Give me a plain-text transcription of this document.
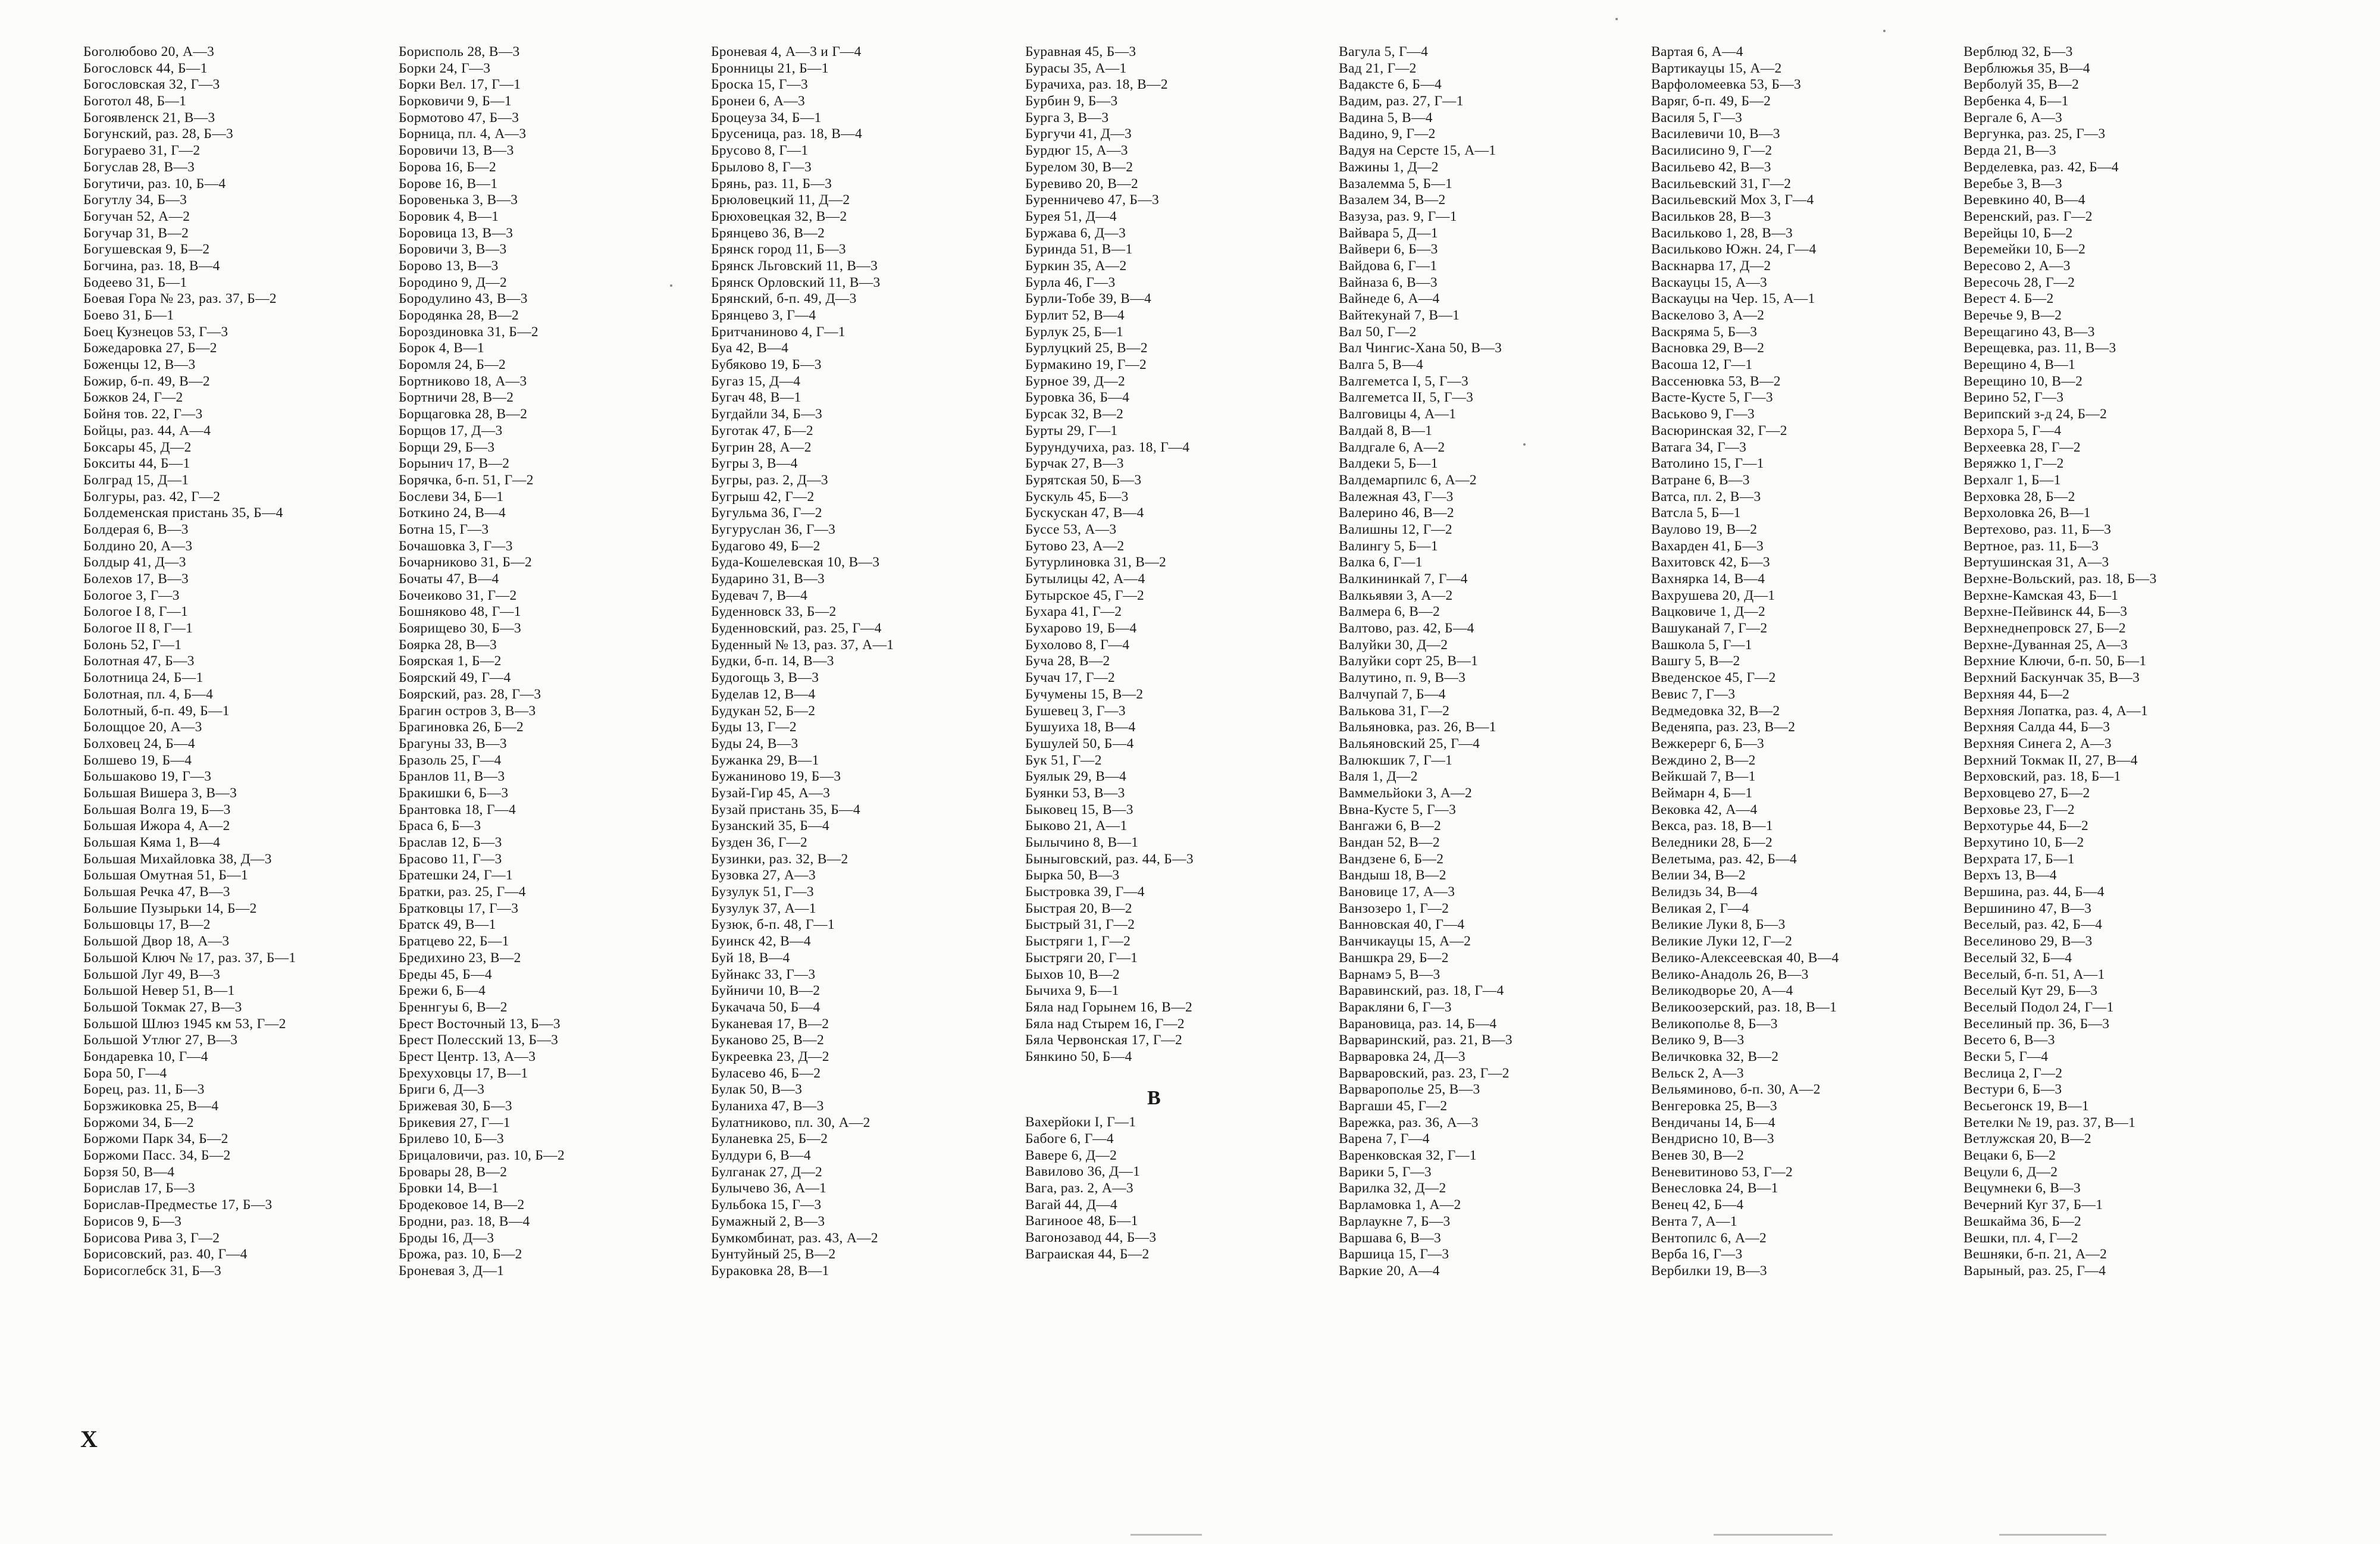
Боголюбово 20, А—3
Богословск 44, Б—1
Богословская 32, Г—3
Боготол 48, Б—1
Богоявленск 21, В—3
Богунский, раз. 28, Б—3
Богураево 31, Г—2
Богуслав 28, В—3
Богутичи, раз. 10, Б—4
Богутлу 34, Б—3
Богучан 52, А—2
Богучар 31, В—2
Богушевская 9, Б—2
Богчина, раз. 18, В—4
Бодеево 31, Б—1
Боевая Гора № 23, раз. 37, Б—2
Боево 31, Б—1
Боец Кузнецов 53, Г—3
Божедаровка 27, Б—2
Боженцы 12, В—3
Божир, б-п. 49, В—2
Божков 24, Г—2
Бойня тов. 22, Г—3
Бойцы, раз. 44, А—4
Боксары 45, Д—2
Бокситы 44, Б—1
Болград 15, Д—1
Болгуры, раз. 42, Г—2
Болдеменская пристань 35, Б—4
Болдерая 6, В—3
Болдино 20, А—3
Болдыр 41, Д—3
Болехов 17, В—3
Бологое 3, Г—3
Бологое I 8, Г—1
Бологое II 8, Г—1
Болонь 52, Г—1
Болотная 47, Б—3
Болотница 24, Б—1
Болотная, пл. 4, Б—4
Болотный, б-п. 49, Б—1
Болощцое 20, А—3
Болховец 24, Б—4
Болшево 19, Б—4
Большаково 19, Г—3
Большая Вишера 3, В—3
Большая Волга 19, Б—3
Большая Ижора 4, А—2
Большая Кяма 1, В—4
Большая Михайловка 38, Д—3
Большая Омутная 51, Б—1
Большая Речка 47, В—3
Большие Пузырьки 14, Б—2
Большовцы 17, В—2
Большой Двор 18, А—3
Большой Ключ № 17, раз. 37, Б—1
Большой Луг 49, В—3
Большой Невер 51, В—1
Большой Токмак 27, В—3
Большой Шлюз 1945 км 53, Г—2
Большой Утлюг 27, В—3
Бондаревка 10, Г—4
Бора 50, Г—4
Борец, раз. 11, Б—3
Борзжиковка 25, В—4
Боржоми 34, Б—2
Боржоми Парк 34, Б—2
Боржоми Пасс. 34, Б—2
Борзя 50, В—4
Борислав 17, Б—3
Борислав-Предместье 17, Б—3
Борисов 9, Б—3
Борисова Рива 3, Г—2
Борисовский, раз. 40, Г—4
Борисоглебск 31, Б—3
Борисполь 28, В—3
Борки 24, Г—3
Борки Вел. 17, Г—1
Борковичи 9, Б—1
Бормотово 47, Б—3
Борница, пл. 4, А—3
Боровичи 13, В—3
Борова 16, Б—2
Борове 16, В—1
Боровенька 3, В—3
Боровик 4, В—1
Боровица 13, В—3
Боровичи 3, В—3
Борово 13, В—3
Бородино 9, Д—2
Бородулино 43, В—3
Бородянка 28, В—2
Бороздиновка 31, Б—2
Борок 4, В—1
Боромля 24, Б—2
Бортниково 18, А—3
Бортничи 28, В—2
Борщаговка 28, В—2
Борщов 17, Д—3
Борщи 29, Б—3
Борынич 17, В—2
Борячка, б-п. 51, Г—2
Бослеви 34, Б—1
Боткино 24, В—4
Ботна 15, Г—3
Бочашовка 3, Г—3
Бочарниково 31, Б—2
Бочаты 47, В—4
Бочеиково 31, Г—2
Бошняково 48, Г—1
Боярищево 30, Б—3
Боярка 28, В—3
Боярская 1, Б—2
Боярский 49, Г—4
Боярский, раз. 28, Г—3
Брагин остров 3, В—3
Брагиновка 26, Б—2
Брагуны 33, В—3
Бразоль 25, Г—4
Бранлов 11, В—3
Бракишки 6, Б—3
Брантовка 18, Г—4
Браса 6, Б—3
Браслав 12, Б—3
Брасово 11, Г—3
Братешки 24, Г—1
Братки, раз. 25, Г—4
Братковцы 17, Г—3
Братск 49, В—1
Братцево 22, Б—1
Бредихино 23, В—2
Бреды 45, Б—4
Брежи 6, Б—4
Бреннгуы 6, В—2
Брест Восточный 13, Б—3
Брест Полесский 13, Б—3
Брест Центр. 13, А—3
Брехуховцы 17, В—1
Бриги 6, Д—3
Брижевая 30, Б—3
Брикевия 27, Г—1
Брилево 10, Б—3
Брицаловичи, раз. 10, Б—2
Бровары 28, В—2
Бровки 14, В—1
Бродековое 14, В—2
Бродни, раз. 18, В—4
Броды 16, Д—3
Брожа, раз. 10, Б—2
Броневая 3, Д—1
Броневая 4, А—3 и Г—4
Бронницы 21, Б—1
Броска 15, Г—3
Бронеи 6, А—3
Броцеуза 34, Б—1
Брусеница, раз. 18, В—4
Брусово 8, Г—1
Брылово 8, Г—3
Брянь, раз. 11, Б—3
Брюловецкий 11, Д—2
Брюховецкая 32, В—2
Брянцево 36, В—2
Брянск город 11, Б—3
Брянск Льговский 11, В—3
Брянск Орловский 11, В—3
Брянский, б-п. 49, Д—3
Брянцево 3, Г—4
Бритчаниново 4, Г—1
Буа 42, В—4
Бубяково 19, Б—3
Бугаз 15, Д—4
Бугач 48, В—1
Бугдайли 34, Б—3
Буготак 47, Б—2
Бугрин 28, А—2
Бугры 3, В—4
Бугры, раз. 2, Д—3
Бугрыш 42, Г—2
Бугульма 36, Г—2
Бугуруслан 36, Г—3
Будагово 49, Б—2
Буда-Кошелевская 10, В—3
Бударино 31, В—3
Будевач 7, В—4
Буденновск 33, Б—2
Буденновский, раз. 25, Г—4
Буденный № 13, раз. 37, А—1
Будки, б-п. 14, В—3
Будогощь 3, В—3
Буделав 12, В—4
Будукан 52, Б—2
Буды 13, Г—2
Буды 24, В—3
Бужанка 29, В—1
Бужаниново 19, Б—3
Бузай-Гир 45, А—3
Бузай пристань 35, Б—4
Бузанский 35, Б—4
Бузден 36, Г—2
Бузинки, раз. 32, В—2
Бузовка 27, А—3
Бузулук 51, Г—3
Бузулук 37, А—1
Бузюк, б-п. 48, Г—1
Буинск 42, В—4
Буй 18, В—4
Буйнакс 33, Г—3
Буйничи 10, В—2
Букачача 50, Б—4
Буканевая 17, В—2
Буканово 25, В—2
Букреевка 23, Д—2
Буласево 46, Б—2
Булак 50, В—3
Буланиха 47, В—3
Булатниково, пл. 30, А—2
Буланевка 25, Б—2
Булдури 6, В—4
Булганак 27, Д—2
Булычево 36, А—1
Бульбока 15, Г—3
Бумажный 2, В—3
Бумкомбинат, раз. 43, А—2
Бунтуйный 25, В—2
Бураковка 28, В—1
Буравная 45, Б—3
Бурасы 35, А—1
Бурачиха, раз. 18, В—2
Бурбин 9, Б—3
Бурга 3, В—3
Бургучи 41, Д—3
Бурдюг 15, А—3
Бурелом 30, В—2
Буревиво 20, В—2
Буренничево 47, Б—3
Бурея 51, Д—4
Буржава 6, Д—3
Буринда 51, В—1
Буркин 35, А—2
Бурла 46, Г—3
Бурли-Тобе 39, В—4
Бурлит 52, В—4
Бурлук 25, Б—1
Бурлуцкий 25, В—2
Бурмакино 19, Г—2
Бурное 39, Д—2
Буровка 36, Б—4
Бурсак 32, В—2
Бурты 29, Г—1
Бурундучиха, раз. 18, Г—4
Бурчак 27, В—3
Бурятская 50, Б—3
Бускуль 45, Б—3
Бускускан 47, В—4
Буссе 53, А—3
Бутово 23, А—2
Бутурлиновка 31, В—2
Бутылицы 42, А—4
Бутырское 45, Г—2
Бухара 41, Г—2
Бухарово 19, Б—4
Бухолово 8, Г—4
Буча 28, В—2
Бучач 17, Г—2
Бучумены 15, В—2
Бушевец 3, Г—3
Бушуиха 18, В—4
Бушулей 50, Б—4
Бук 51, Г—2
Буялык 29, В—4
Буянки 53, В—3
Быковец 15, В—3
Быково 21, А—1
Былычино 8, В—1
Быныговский, раз. 44, Б—3
Бырка 50, В—3
Быстровка 39, Г—4
Быстрая 20, В—2
Быстрый 31, Г—2
Быстряги 1, Г—2
Быстряги 20, Г—1
Быхов 10, В—2
Бычиха 9, Б—1
Бяла над Горынем 16, В—2
Бяла над Стырем 16, Г—2
Бяла Червонская 17, Г—2
Бянкино 50, Б—4
B
Вахерйоки I, Г—1
Бабоге 6, Г—4
Вавере 6, Д—2
Вавилово 36, Д—1
Вага, раз. 2, А—3
Вагай 44, Д—4
Вагиноое 48, Б—1
Вагонозавод 44, Б—3
Ваграиская 44, Б—2
Вагула 5, Г—4
Вад 21, Г—2
Вадаксте 6, Б—4
Вадим, раз. 27, Г—1
Вадина 5, В—4
Вадино, 9, Г—2
Вадуя на Серсте 15, А—1
Важины 1, Д—2
Вазалемма 5, Б—1
Вазалем 34, В—2
Вазуза, раз. 9, Г—1
Вайвара 5, Д—1
Вайвери 6, Б—3
Вайдова 6, Г—1
Вайназа 6, В—3
Вайнеде 6, А—4
Вайтекунай 7, В—1
Вал 50, Г—2
Вал Чингис-Хана 50, В—3
Валга 5, В—4
Валгеметса I, 5, Г—3
Валгеметса II, 5, Г—3
Валговицы 4, А—1
Валдай 8, В—1
Валдгале 6, А—2
Валдеки 5, Б—1
Валдемарпилс 6, А—2
Валежная 43, Г—3
Валерино 46, В—2
Валишны 12, Г—2
Валингу 5, Б—1
Валка 6, Г—1
Валкининкай 7, Г—4
Валкьявяи 3, А—2
Валмера 6, В—2
Валтово, раз. 42, Б—4
Валуйки 30, Д—2
Валуйки сорт 25, В—1
Валутино, п. 9, В—3
Валчупай 7, Б—4
Валькова 31, Г—2
Вальяновка, раз. 26, В—1
Вальяновский 25, Г—4
Валюкшик 7, Г—1
Валя 1, Д—2
Ваммельйоки 3, А—2
Ввна-Кусте 5, Г—3
Вангажи 6, В—2
Вандан 52, В—2
Вандзене 6, Б—2
Вандыш 18, В—2
Вановице 17, А—3
Ванзозеро 1, Г—2
Ванновская 40, Г—4
Ванчикауцы 15, А—2
Ваншкра 29, Б—2
Варнамэ 5, В—3
Варавинский, раз. 18, Г—4
Варакляни 6, Г—3
Варановица, раз. 14, Б—4
Варваринский, раз. 21, В—3
Варваровка 24, Д—3
Варваровский, раз. 23, Г—2
Варварополье 25, В—3
Варгаши 45, Г—2
Варежка, раз. 36, А—3
Варена 7, Г—4
Варенковская 32, Г—1
Варики 5, Г—3
Варилка 32, Д—2
Варламовка 1, А—2
Варлаукне 7, Б—3
Варшава 6, В—3
Варшица 15, Г—3
Варкие 20, А—4
Вартая 6, А—4
Вартикауцы 15, А—2
Варфоломеевка 53, Б—3
Варяг, б-п. 49, Б—2
Василя 5, Г—3
Василевичи 10, В—3
Василисино 9, Г—2
Васильево 42, В—3
Васильевский 31, Г—2
Васильевский Мох 3, Г—4
Васильков 28, В—3
Васильково 1, 28, В—3
Васильково Южн. 24, Г—4
Васкнарва 17, Д—2
Васкауцы 15, А—3
Васкауцы на Чер. 15, А—1
Васкелово 3, А—2
Васкряма 5, Б—3
Васновка 29, В—2
Васоша 12, Г—1
Вассенювка 53, В—2
Васте-Кусте 5, Г—3
Васьково 9, Г—3
Васюринская 32, Г—2
Ватага 34, Г—3
Ватолино 15, Г—1
Ватране 6, В—3
Ватса, пл. 2, В—3
Ватсла 5, Б—1
Ваулово 19, В—2
Вахарден 41, Б—3
Вахитовск 42, Б—3
Вахнярка 14, В—4
Вахрушева 20, Д—1
Вацковиче 1, Д—2
Вашуканай 7, Г—2
Вашкола 5, Г—1
Вашгу 5, В—2
Введенское 45, Г—2
Вевис 7, Г—3
Ведмедовка 32, В—2
Веденяпа, раз. 23, В—2
Вежкерерг 6, Б—3
Веждино 2, В—2
Вейкшай 7, В—1
Веймарн 4, Б—1
Вековка 42, А—4
Векса, раз. 18, В—1
Веледники 28, Б—2
Велетыма, раз. 42, Б—4
Велии 34, В—2
Велидзь 34, В—4
Великая 2, Г—4
Великие Луки 8, Б—3
Великие Луки 12, Г—2
Велико-Алексеевская 40, В—4
Велико-Анадоль 26, В—3
Великодворье 20, А—4
Великоозерский, раз. 18, В—1
Великополье 8, Б—3
Велико 9, В—3
Величковка 32, В—2
Вельск 2, А—3
Вельяминово, б-п. 30, А—2
Венгеровка 25, В—3
Вендичаны 14, Б—4
Вендрисно 10, В—3
Венев 30, В—2
Веневитиново 53, Г—2
Венесловка 24, В—1
Венец 42, Б—4
Вента 7, А—1
Вентопилс 6, А—2
Верба 16, Г—3
Вербилки 19, В—3
Верблюд 32, Б—3
Верблюжья 35, В—4
Верболуй 35, В—2
Вербенка 4, Б—1
Вергале 6, А—3
Вергунка, раз. 25, Г—3
Верда 21, В—3
Верделевка, раз. 42, Б—4
Веребье 3, В—3
Веревкино 40, В—4
Веренский, раз. Г—2
Верейцы 10, Б—2
Веремейки 10, Б—2
Вересово 2, А—3
Вересочь 28, Г—2
Верест 4. Б—2
Веречье 9, В—2
Верещагино 43, В—3
Верещевка, раз. 11, В—3
Верещино 4, В—1
Верещино 10, В—2
Верино 52, Г—3
Верипский з-д 24, Б—2
Верхора 5, Г—4
Верхеевка 28, Г—2
Веряжко 1, Г—2
Верхалг 1, Б—1
Верховка 28, Б—2
Верхоловка 26, В—1
Вертехово, раз. 11, Б—3
Вертное, раз. 11, Б—3
Вертушинская 31, А—3
Верхне-Вольский, раз. 18, Б—3
Верхне-Камская 43, Б—1
Верхне-Пейвинск 44, Б—3
Верхнеднепровск 27, Б—2
Верхне-Дуванная 25, А—3
Верхние Ключи, б-п. 50, Б—1
Верхний Баскунчак 35, В—3
Верхняя 44, Б—2
Верхняя Лопатка, раз. 4, А—1
Верхняя Салда 44, Б—3
Верхняя Синега 2, А—3
Верхний Токмак II, 27, В—4
Верховский, раз. 18, Б—1
Верховцево 27, Б—2
Верховье 23, Г—2
Верхотурье 44, Б—2
Верхутино 10, Б—2
Верхрата 17, Б—1
Верхъ 13, В—4
Вершина, раз. 44, Б—4
Вершинино 47, В—3
Веселый, раз. 42, Б—4
Веселиново 29, В—3
Веселый 32, Б—4
Веселый, б-п. 51, А—1
Веселый Кут 29, Б—3
Веселый Подол 24, Г—1
Веселиный пр. 36, Б—3
Весето 6, В—3
Вески 5, Г—4
Веслица 2, Г—2
Вестури 6, Б—3
Весьегонск 19, В—1
Ветелки № 19, раз. 37, В—1
Ветлужская 20, В—2
Вецаки 6, Б—2
Вецули 6, Д—2
Вецумнеки 6, В—3
Вечерний Куг 37, Б—1
Вешкайма 36, Б—2
Вешки, пл. 4, Г—2
Вешняки, б-п. 21, А—2
Варыный, раз. 25, Г—4
X
